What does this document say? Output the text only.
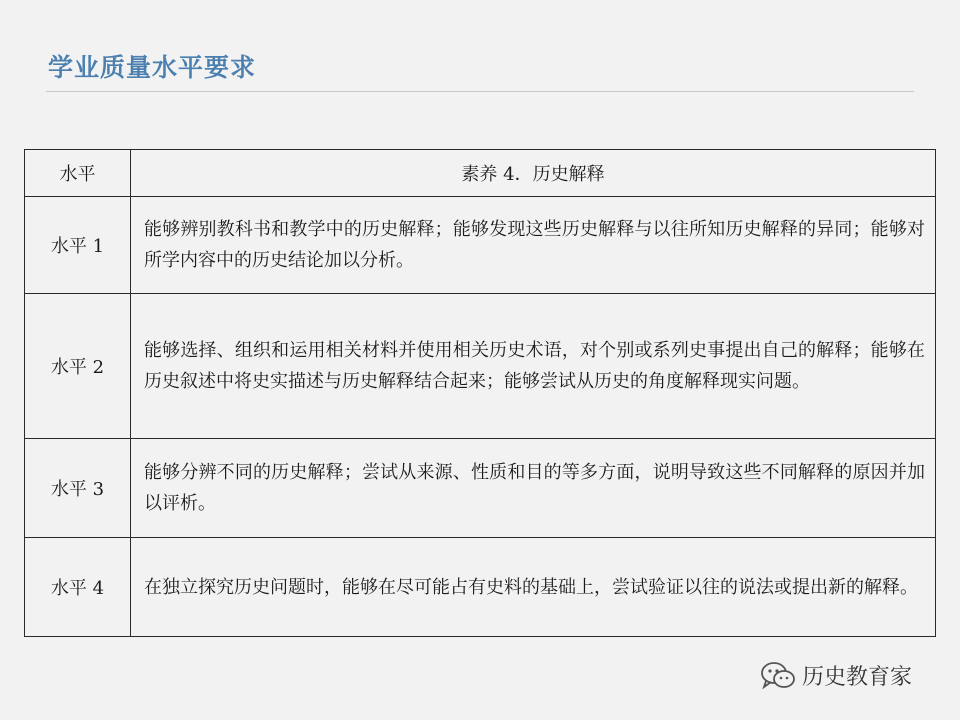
学业质量水平要求
水平	素养 4．历史解释
水平 1	能够辨别教科书和教学中的历史解释；能够发现这些历史解释与以往所知历史解释的异同；能够对所学内容中的历史结论加以分析。
水平 2	能够选择、组织和运用相关材料并使用相关历史术语，对个别或系列史事提出自己的解释；能够在历史叙述中将史实描述与历史解释结合起来；能够尝试从历史的角度解释现实问题。
水平 3	能够分辨不同的历史解释；尝试从来源、性质和目的等多方面，说明导致这些不同解释的原因并加以评析。
水平 4	在独立探究历史问题时，能够在尽可能占有史料的基础上，尝试验证以往的说法或提出新的解释。
历史教育家
